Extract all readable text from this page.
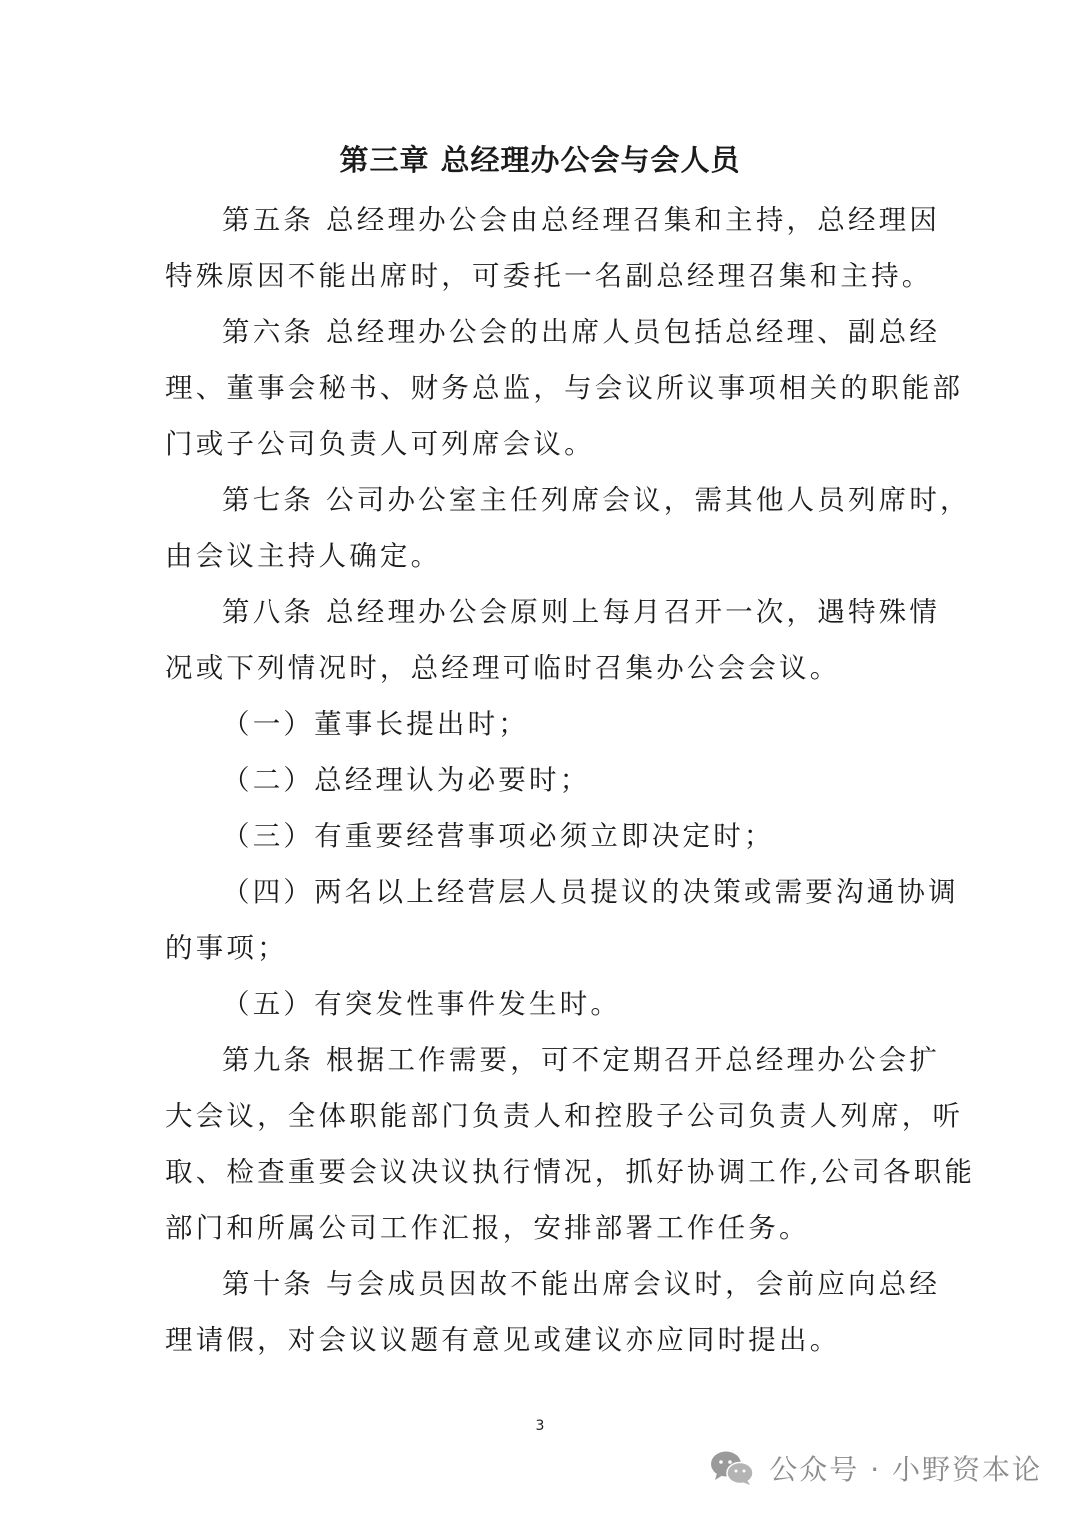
第三章 总经理办公会与会人员
第五条 总经理办公会由总经理召集和主持，总经理因
特殊原因不能出席时，可委托一名副总经理召集和主持。
第六条 总经理办公会的出席人员包括总经理、副总经
理、董事会秘书、财务总监，与会议所议事项相关的职能部
门或子公司负责人可列席会议。
第七条 公司办公室主任列席会议，需其他人员列席时，
由会议主持人确定。
第八条 总经理办公会原则上每月召开一次，遇特殊情
况或下列情况时，总经理可临时召集办公会会议。
（一）董事长提出时；
（二）总经理认为必要时；
（三）有重要经营事项必须立即决定时；
（四）两名以上经营层人员提议的决策或需要沟通协调
的事项；
（五）有突发性事件发生时。
第九条 根据工作需要，可不定期召开总经理办公会扩
大会议，全体职能部门负责人和控股子公司负责人列席，听
取、检查重要会议决议执行情况，抓好协调工作,公司各职能
部门和所属公司工作汇报，安排部署工作任务。
第十条 与会成员因故不能出席会议时，会前应向总经
理请假，对会议议题有意见或建议亦应同时提出。
3
公众号 · 小野资本论
